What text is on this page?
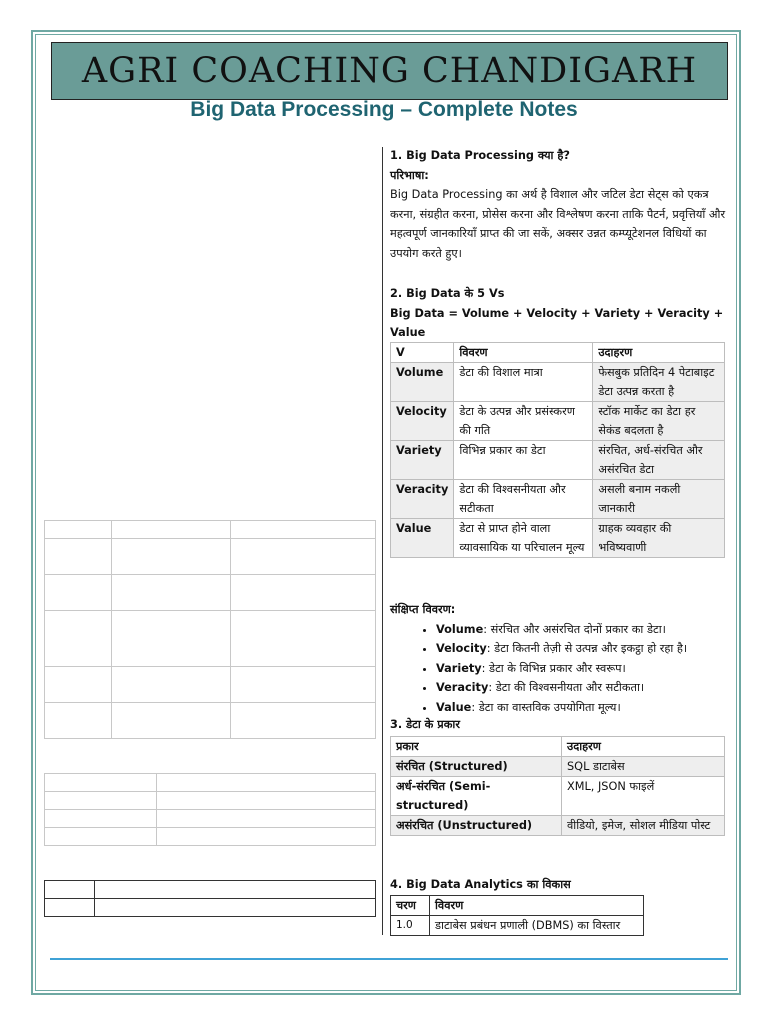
AGRI COACHING CHANDIGARH
Big Data Processing – Complete Notes

1. Big Data Processing क्या है?

परिभाषा:

Big Data Processing का अर्थ है विशाल और जटिल डेटा सेट्स को एकत्र करना, संग्रहीत करना, प्रोसेस करना और विश्लेषण करना ताकि पैटर्न, प्रवृत्तियाँ और महत्वपूर्ण जानकारियाँ प्राप्त की जा सकें, अक्सर उन्नत कम्प्यूटेशनल विधियों का उपयोग करते हुए।

2. Big Data के 5 Vs

Big Data = Volume + Velocity + Variety + Veracity + Value

V	विवरण	उदाहरण
Volume	डेटा की विशाल मात्रा	फेसबुक प्रतिदिन 4 पेटाबाइट डेटा उत्पन्न करता है
Velocity	डेटा के उत्पन्न और प्रसंस्करण की गति	स्टॉक मार्केट का डेटा हर सेकंड बदलता है
Variety	विभिन्न प्रकार का डेटा	संरचित, अर्ध-संरचित और असंरचित डेटा
Veracity	डेटा की विश्वसनीयता और सटीकता	असली बनाम नकली जानकारी
Value	डेटा से प्राप्त होने वाला व्यावसायिक या परिचालन मूल्य	ग्राहक व्यवहार की भविष्यवाणी
संक्षिप्त विवरण:
• Volume: संरचित और असंरचित दोनों प्रकार का डेटा।
• Velocity: डेटा कितनी तेज़ी से उत्पन्न और इकट्ठा हो रहा है।
• Variety: डेटा के विभिन्न प्रकार और स्वरूप।
• Veracity: डेटा की विश्वसनीयता और सटीकता।
• Value: डेटा का वास्तविक उपयोगिता मूल्य।
3. डेटा के प्रकार
प्रकार	उदाहरण
संरचित (Structured)	SQL डाटाबेस
अर्ध-संरचित (Semi-structured)	XML, JSON फाइलें
असंरचित (Unstructured)	वीडियो, इमेज, सोशल मीडिया पोस्ट
4. Big Data Analytics का विकास
चरण	विवरण
1.0	डाटाबेस प्रबंधन प्रणाली (DBMS) का विस्तार
